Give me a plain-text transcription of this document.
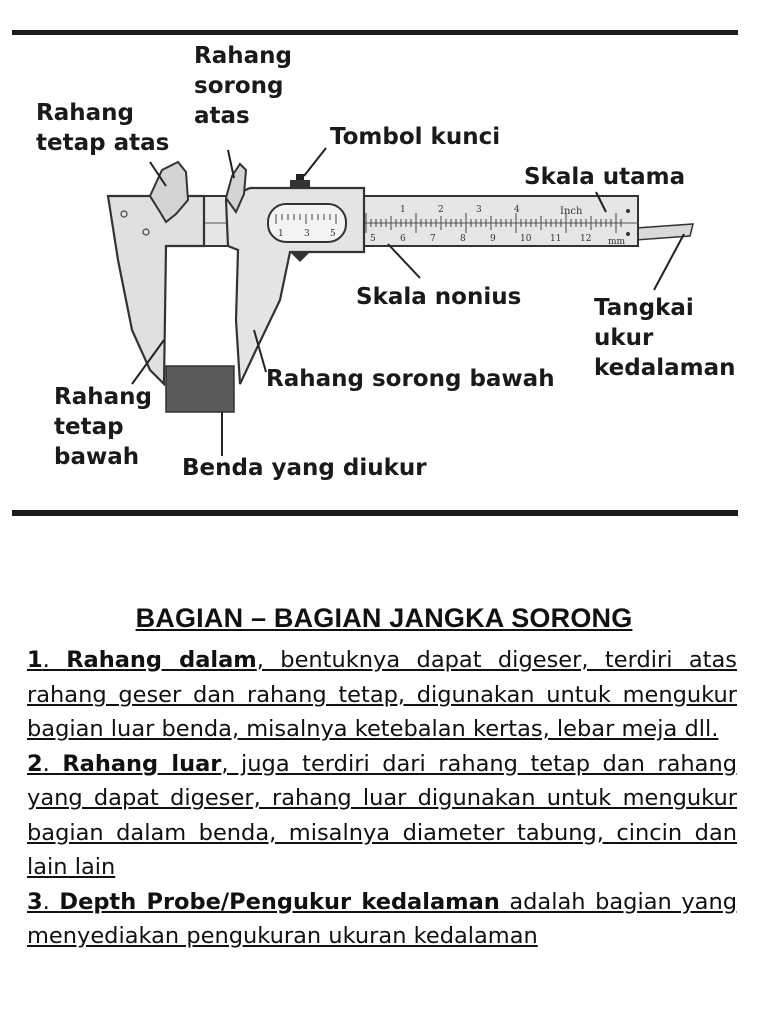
Inch
mm
5	6	7	8	9	10 11 12
1	2	3	4
1 3 5
Rahang
tetap atas
Rahang
sorong
atas
Tombol kunci
Skala utama
Skala nonius	Tangkai
ukur
kedalaman
Rahang sorong bawah
Rahang
tetap
bawah	Benda yang diukur
BAGIAN – BAGIAN JANGKA SORONG

1. Rahang dalam, bentuknya dapat digeser, terdiri atas rahang geser dan rahang tetap, digunakan untuk mengukur bagian luar benda, misalnya ketebalan kertas, lebar meja dll.

2. Rahang luar, juga terdiri dari rahang tetap dan rahang yang dapat digeser, rahang luar digunakan untuk mengukur bagian dalam benda, misalnya diameter tabung, cincin dan lain lain

3. Depth Probe/Pengukur kedalaman adalah bagian yang menyediakan pengukuran ukuran kedalaman
